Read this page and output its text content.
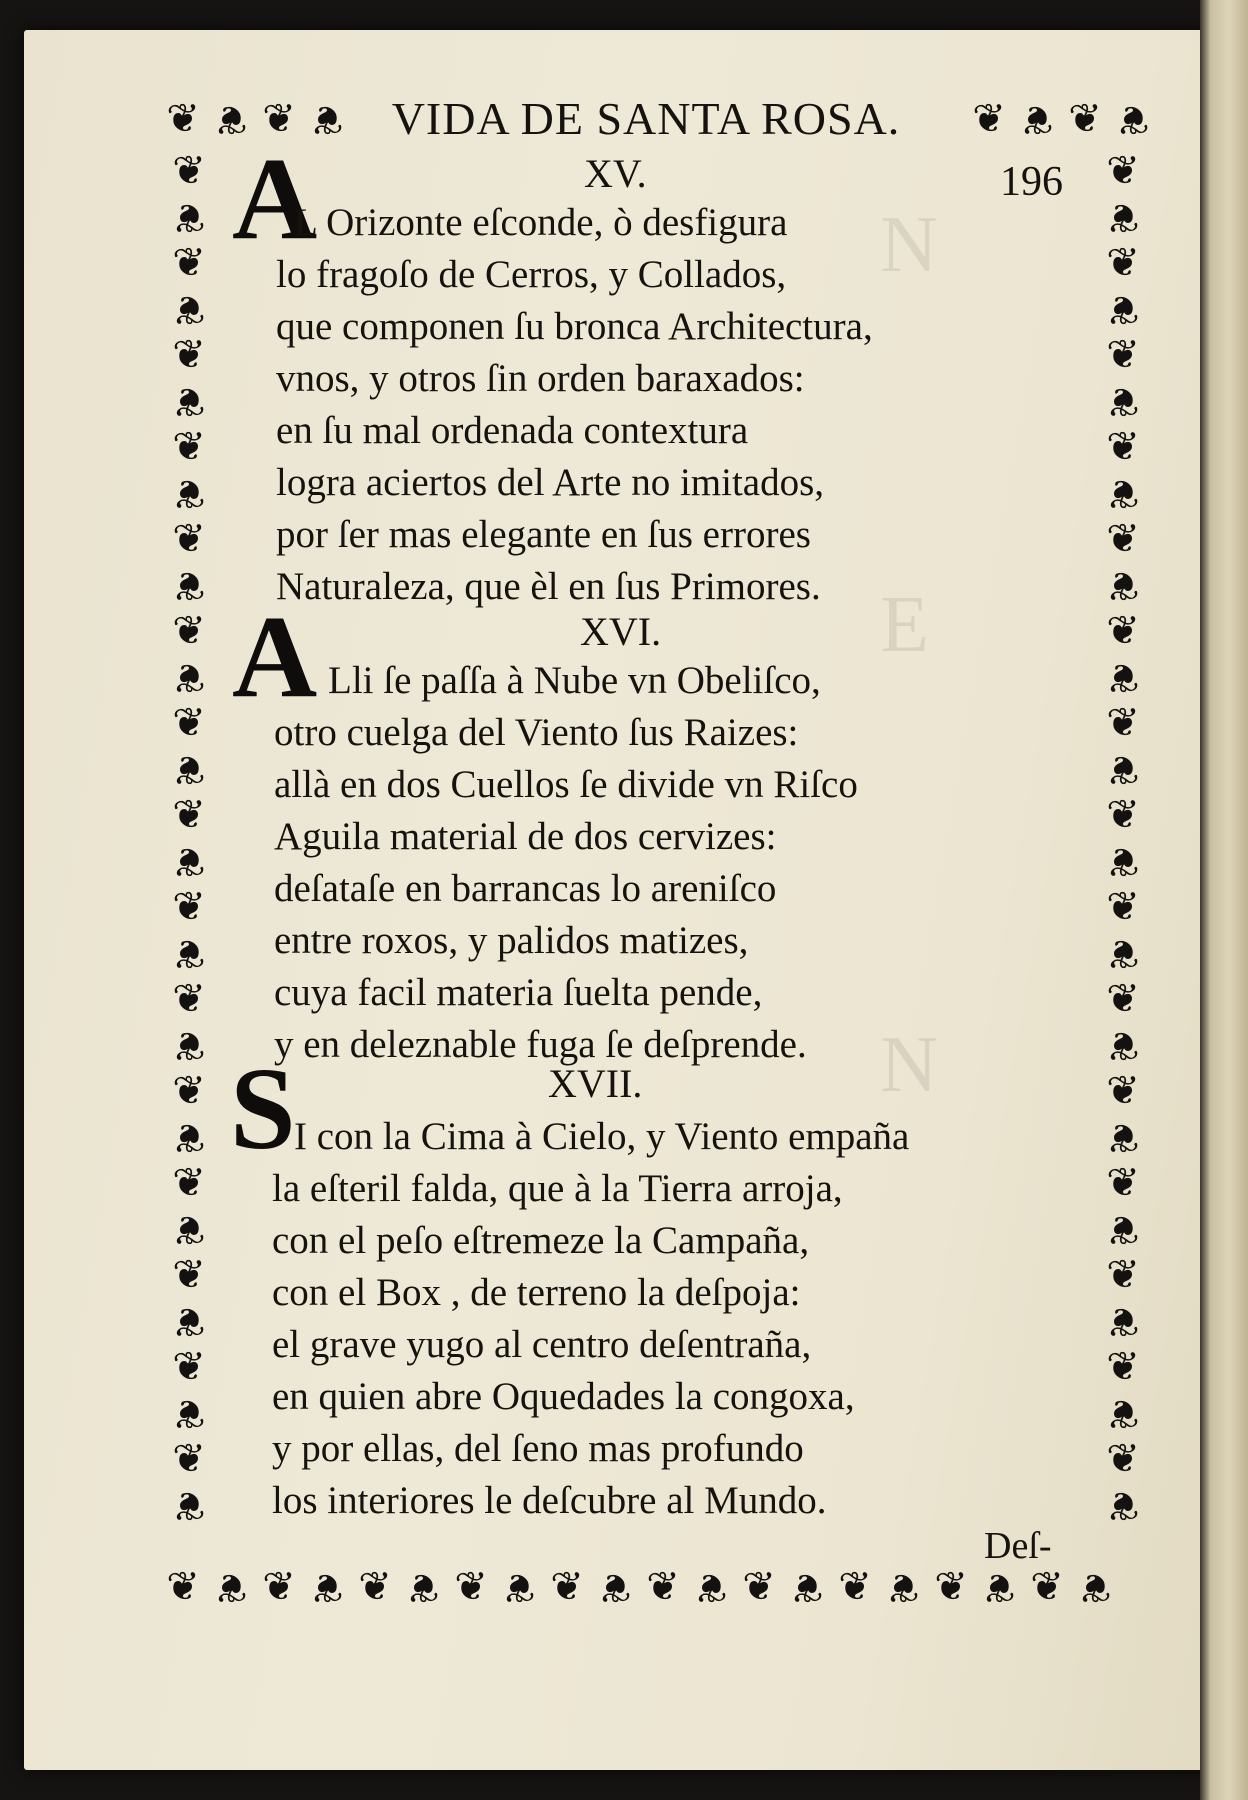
VIDA DE SANTA ROSA.
196
❦ ❦ ❦ ❦	❦ ❦ ❦ ❦
❦ ❦ ❦ ❦ ❦ ❦ ❦ ❦ ❦ ❦ ❦ ❦ ❦ ❦ ❦ ❦ ❦ ❦ ❦ ❦
❦
❦
❦
❦
❦
❦
❦
❦
❦
❦
❦
❦
❦
❦
❦
❦
❦
❦
❦
❦
❦
❦
❦
❦
❦
❦
❦
❦
❦
❦
❦
❦
❦
❦
❦
❦
❦
❦
❦
❦
❦
❦
❦
❦
❦
❦
❦
❦
❦
❦
❦
❦
❦
❦
❦
❦
❦
❦
❦
❦
XV.
A
L Orizonte eſconde, ò desfigura
lo fragoſo de Cerros, y Collados,
que componen ſu bronca Architectura,
vnos, y otros ſin orden baraxados:
en ſu mal ordenada contextura
logra aciertos del Arte no imitados,
por ſer mas elegante en ſus errores
Naturaleza, que èl en ſus Primores.
XVI.
A Lli ſe paſſa à Nube vn Obeliſco,
otro cuelga del Viento ſus Raizes:
allà en dos Cuellos ſe divide vn Riſco
Aguila material de dos cervizes:
deſataſe en barrancas lo areniſco
entre roxos, y palidos matizes,
cuya facil materia ſuelta pende,
y en deleznable fuga ſe deſprende.
XVII.
S
I con la Cima à Cielo, y Viento empaña
la eſteril falda, que à la Tierra arroja,
con el peſo eſtremeze la Campaña,
con el Box , de terreno la deſpoja:
el grave yugo al centro deſentraña,
en quien abre Oquedades la congoxa,
y por ellas, del ſeno mas profundo
los interiores le deſcubre al Mundo.
Deſ-
